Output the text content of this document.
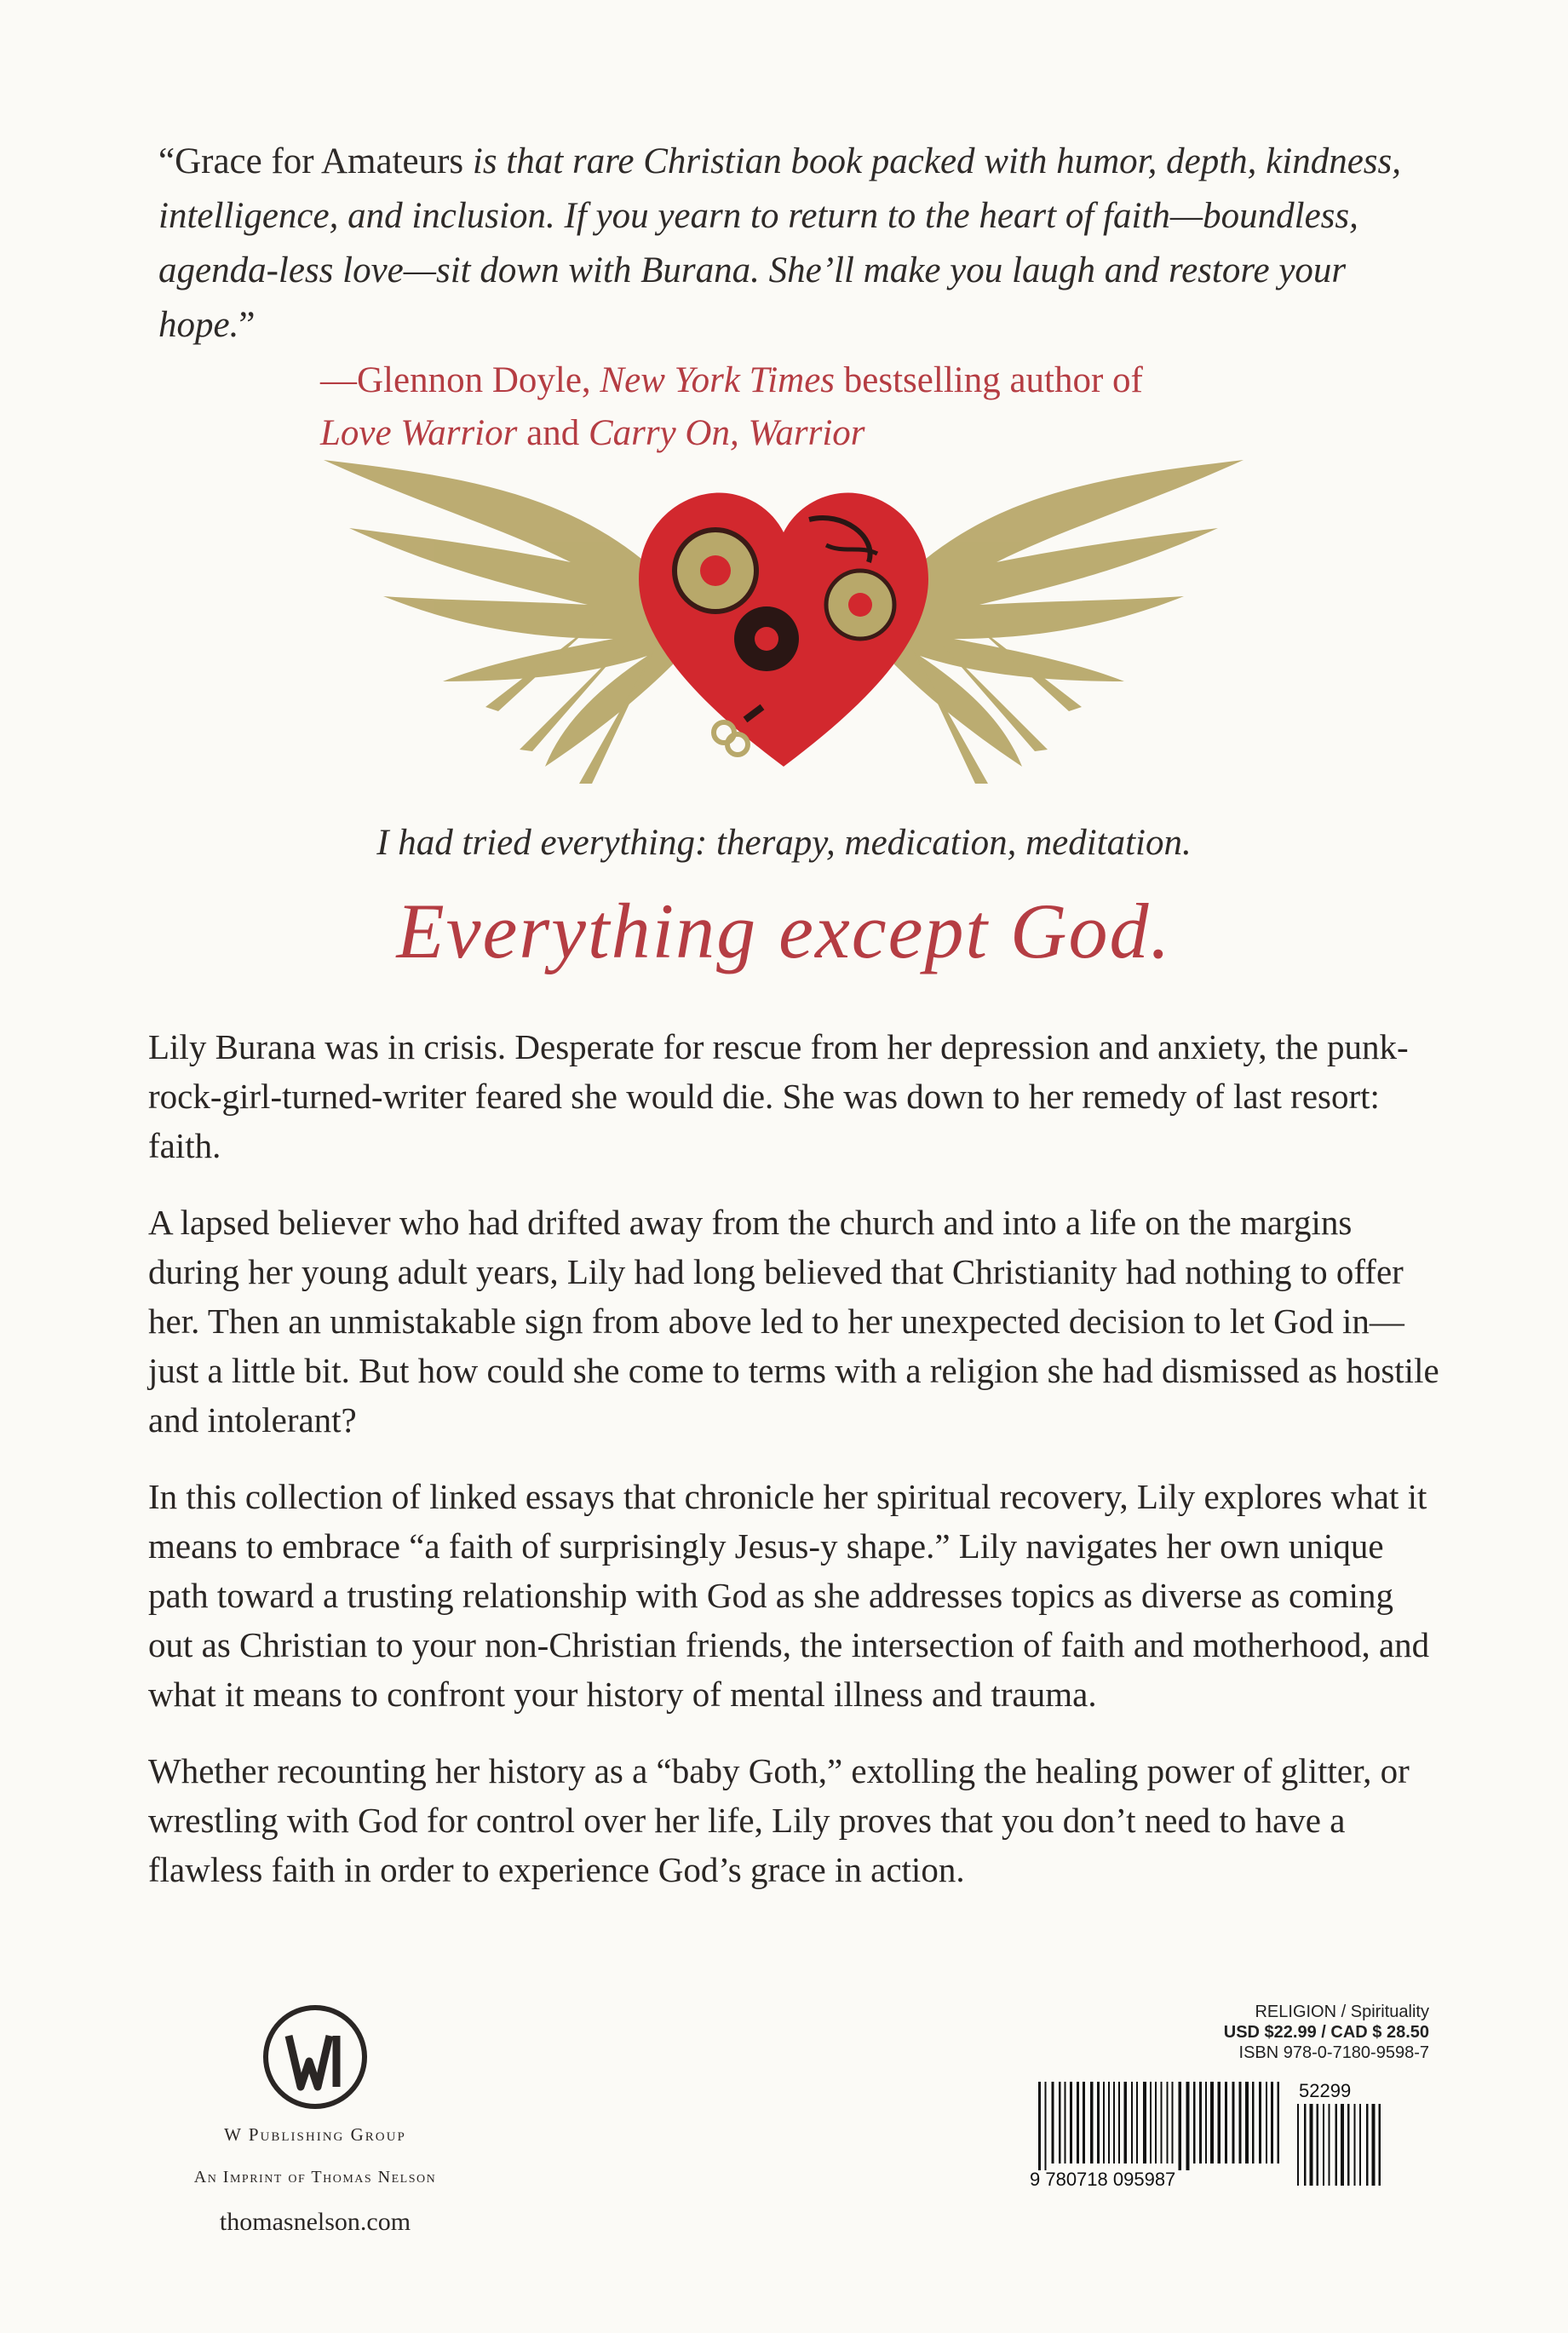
“Grace for Amateurs is that rare Christian book packed with humor, depth, kindness, intelligence, and inclusion. If you yearn to return to the heart of faith—boundless, agenda-less love—sit down with Burana. She’ll make you laugh and restore your hope.”
—Glennon Doyle, New York Times bestselling author of
Love Warrior and Carry On, Warrior
I had tried everything: therapy, medication, meditation.
Everything except God.

Lily Burana was in crisis. Desperate for rescue from her depression and anxiety, the punk-rock-girl-turned-writer feared she would die. She was down to her remedy of last resort: faith.

A lapsed believer who had drifted away from the church and into a life on the margins during her young adult years, Lily had long believed that Christianity had nothing to offer her. Then an unmistakable sign from above led to her unexpected decision to let God in—just a little bit. But how could she come to terms with a religion she had dismissed as hostile and intolerant?

In this collection of linked essays that chronicle her spiritual recovery, Lily explores what it means to embrace “a faith of surprisingly Jesus-y shape.” Lily navigates her own unique path toward a trusting relationship with God as she addresses topics as diverse as coming out as Christian to your non-Christian friends, the intersection of faith and motherhood, and what it means to confront your history of mental illness and trauma.

Whether recounting her history as a “baby Goth,” extolling the healing power of glitter, or wrestling with God for control over her life, Lily proves that you don’t need to have a flawless faith in order to experience God’s grace in action.

W Publishing Group
An Imprint of Thomas Nelson
thomasnelson.com
RELIGION / Spirituality
USD $22.99 / CAD $ 28.50
ISBN 978-0-7180-9598-7
9 780718 095987
52299
